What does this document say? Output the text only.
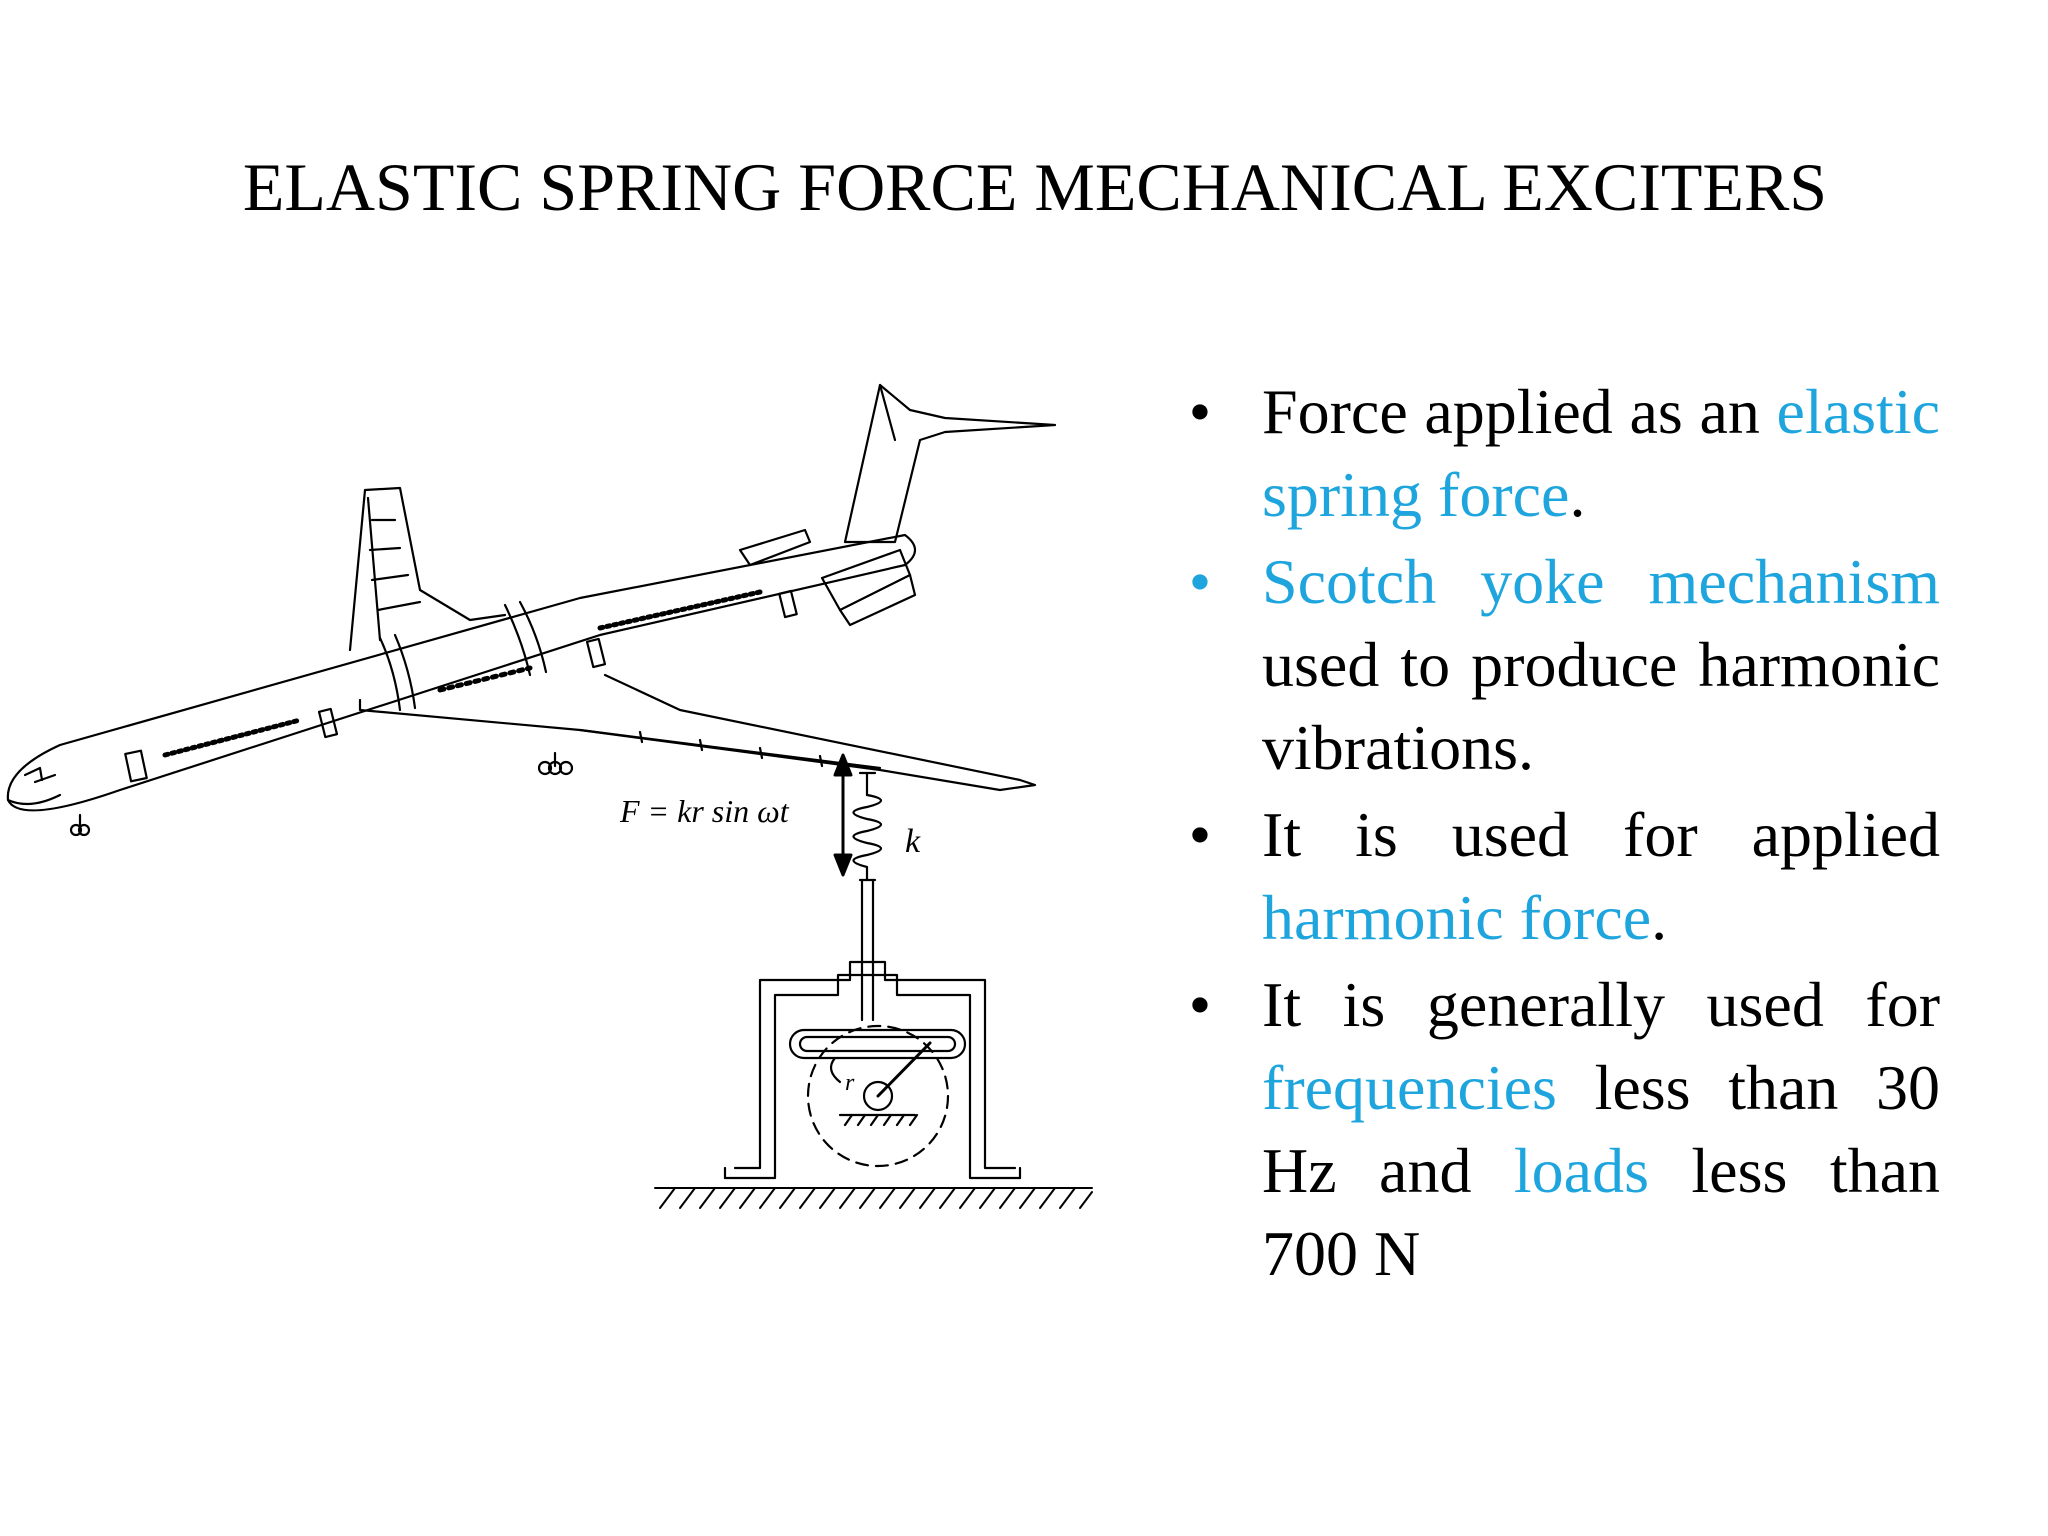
ELASTIC SPRING FORCE MECHANICAL EXCITERS
F = kr sin ωt
k
r
• Force applied as an elastic spring force.
• Scotch yoke mechanism used to produce harmonic vibrations.
• It is used for applied harmonic force.
• It is generally used for frequencies less than 30 Hz and loads less than 700 N
